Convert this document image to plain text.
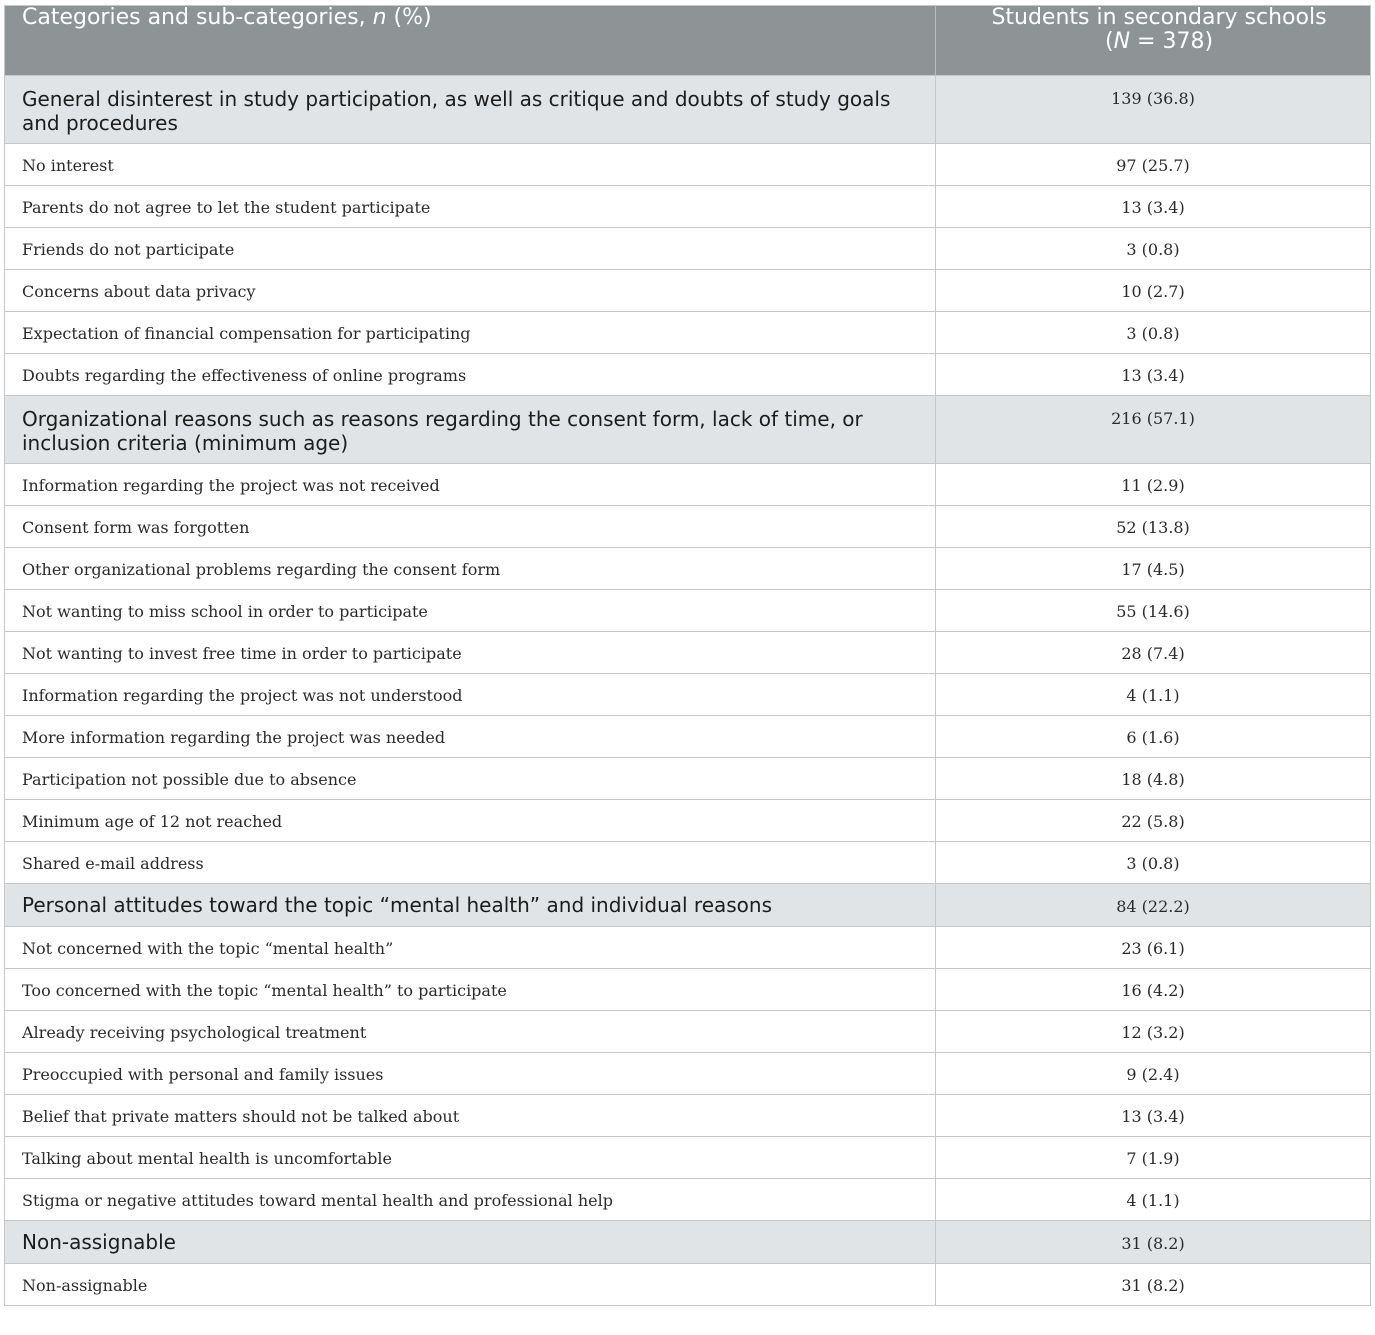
Categories and sub-categories, n (%)	Students in secondary schools
(N = 378)
General disinterest in study participation, as well as critique and doubts of study goals and procedures	139 (36.8)
No interest	97 (25.7)
Parents do not agree to let the student participate	13 (3.4)
Friends do not participate	3 (0.8)
Concerns about data privacy	10 (2.7)
Expectation of financial compensation for participating	3 (0.8)
Doubts regarding the effectiveness of online programs	13 (3.4)
Organizational reasons such as reasons regarding the consent form, lack of time, or inclusion criteria (minimum age)	216 (57.1)
Information regarding the project was not received	11 (2.9)
Consent form was forgotten	52 (13.8)
Other organizational problems regarding the consent form	17 (4.5)
Not wanting to miss school in order to participate	55 (14.6)
Not wanting to invest free time in order to participate	28 (7.4)
Information regarding the project was not understood	4 (1.1)
More information regarding the project was needed	6 (1.6)
Participation not possible due to absence	18 (4.8)
Minimum age of 12 not reached	22 (5.8)
Shared e-mail address	3 (0.8)
Personal attitudes toward the topic “mental health” and individual reasons	84 (22.2)
Not concerned with the topic “mental health”	23 (6.1)
Too concerned with the topic “mental health” to participate	16 (4.2)
Already receiving psychological treatment	12 (3.2)
Preoccupied with personal and family issues	9 (2.4)
Belief that private matters should not be talked about	13 (3.4)
Talking about mental health is uncomfortable	7 (1.9)
Stigma or negative attitudes toward mental health and professional help	4 (1.1)
Non-assignable	31 (8.2)
Non-assignable	31 (8.2)
